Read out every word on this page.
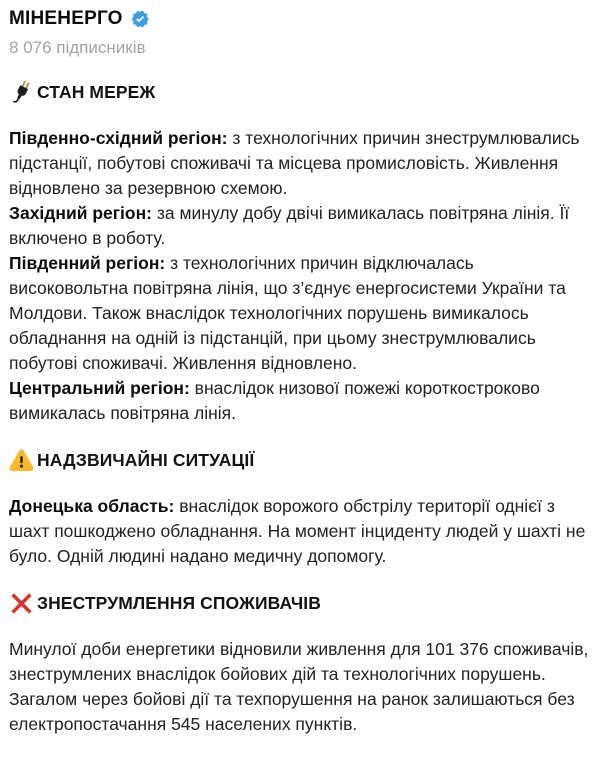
МІНЕНЕРГО
8 076 підписників
СТАН МЕРЕЖ

Південно-східний регіон: з технологічних причин знеструмлювались підстанції, побутові споживачі та місцева промисловість. Живлення відновлено за резервною схемою.
Західний регіон: за минулу добу двічі вимикалась повітряна лінія. Її включено в роботу.
Південний регіон: з технологічних причин відключалась високовольтна повітряна лінія, що з’єднує енергосистеми України та Молдови. Також внаслідок технологічних порушень вимикалось обладнання на одній із підстанцій, при цьому знеструмлювались побутові споживачі. Живлення відновлено.
Центральний регіон: внаслідок низової пожежі короткостроково вимикалась повітряна лінія.

НАДЗВИЧАЙНІ СИТУАЦІЇ

Донецька область: внаслідок ворожого обстрілу території однієї з шахт пошкоджено обладнання. На момент інциденту людей у шахті не було. Одній людині надано медичну допомогу.

ЗНЕСТРУМЛЕННЯ СПОЖИВАЧІВ

Минулої доби енергетики відновили живлення для 101 376 споживачів, знеструмлених внаслідок бойових дій та технологічних порушень.
Загалом через бойові дії та техпорушення на ранок залишаються без електропостачання 545 населених пунктів.
